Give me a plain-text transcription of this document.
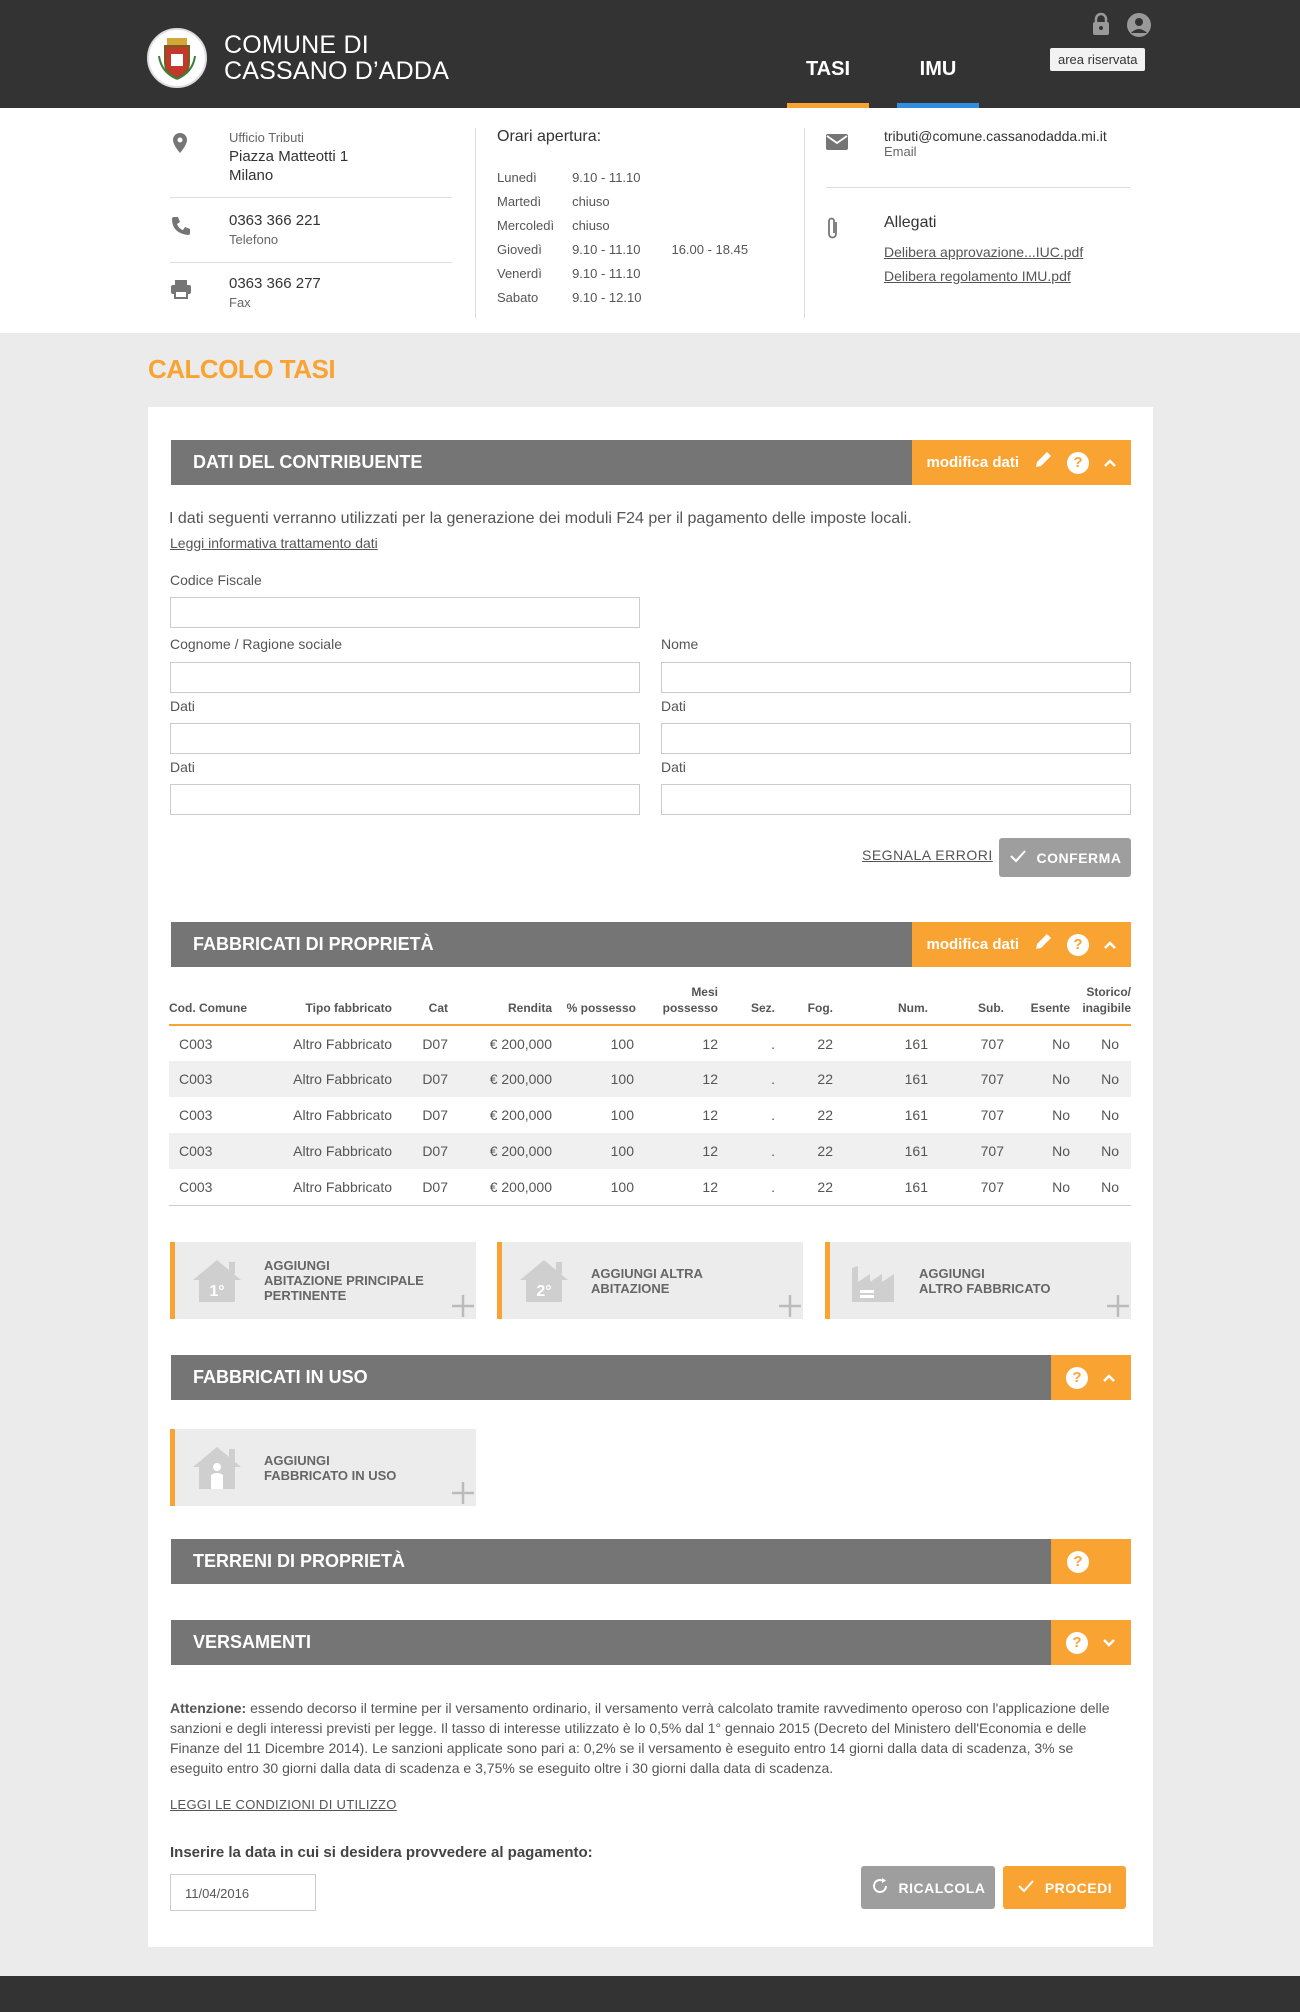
COMUNE DI
CASSANO D’ADDA	TASI	IMU	area riservata
Ufficio Tributi
Piazza Matteotti 1
Milano
0363 366 221
Telefono
0363 366 277
Fax
Orari apertura:
Lunedì	9.10 - 11.10	
Martedì	chiuso	
Mercoledì	chiuso	
Giovedì	9.10 - 11.10	16.00 - 18.45
Venerdì	9.10 - 11.10	
Sabato	9.10 - 12.10	
tributi@comune.cassanodadda.mi.it
Email
Allegati
Delibera approvazione...IUC.pdf
Delibera regolamento IMU.pdf
CALCOLO TASI
DATI DEL CONTRIBUENTE	modifica dati	?
I dati seguenti verranno utilizzati per la generazione dei moduli F24 per il pagamento delle imposte locali.
Leggi informativa trattamento dati
Codice Fiscale
Cognome / Ragione sociale	Nome
Dati	Dati
Dati	Dati
SEGNALA ERRORI	CONFERMA
FABBRICATI DI PROPRIETÀ	modifica dati	?
Cod. Comune	Tipo fabbricato	Cat	Rendita	% possesso	Mesi possesso	Sez.	Fog.	Num.	Sub.	Esente	Storico/ inagibile
C003	Altro Fabbricato	D07	€ 200,000	100	12	.	22	161	707	No	No
C003	Altro Fabbricato	D07	€ 200,000	100	12	.	22	161	707	No	No
C003	Altro Fabbricato	D07	€ 200,000	100	12	.	22	161	707	No	No
C003	Altro Fabbricato	D07	€ 200,000	100	12	.	22	161	707	No	No
C003	Altro Fabbricato	D07	€ 200,000	100	12	.	22	161	707	No	No
1°
AGGIUNGI
ABITAZIONE PRINCIPALE
PERTINENTE	2°
AGGIUNGI ALTRA
ABITAZIONE
AGGIUNGI
ALTRO FABBRICATO
FABBRICATI IN USO	?
AGGIUNGI
FABBRICATO IN USO
TERRENI DI PROPRIETÀ	?
VERSAMENTI	?
Attenzione: essendo decorso il termine per il versamento ordinario, il versamento verrà calcolato tramite ravvedimento operoso con l'applicazione delle sanzioni e degli interessi previsti per legge. Il tasso di interesse utilizzato è lo 0,5% dal 1° gennaio 2015 (Decreto del Ministero dell'Economia e delle Finanze del 11 Dicembre 2014). Le sanzioni applicate sono pari a: 0,2% se il versamento è eseguito entro 14 giorni dalla data di scadenza, 3% se eseguito entro 30 giorni dalla data di scadenza e 3,75% se eseguito oltre i 30 giorni dalla data di scadenza.
LEGGI LE CONDIZIONI DI UTILIZZO
Inserire la data in cui si desidera provvedere al pagamento:
11/04/2016	RICALCOLA	PROCEDI
